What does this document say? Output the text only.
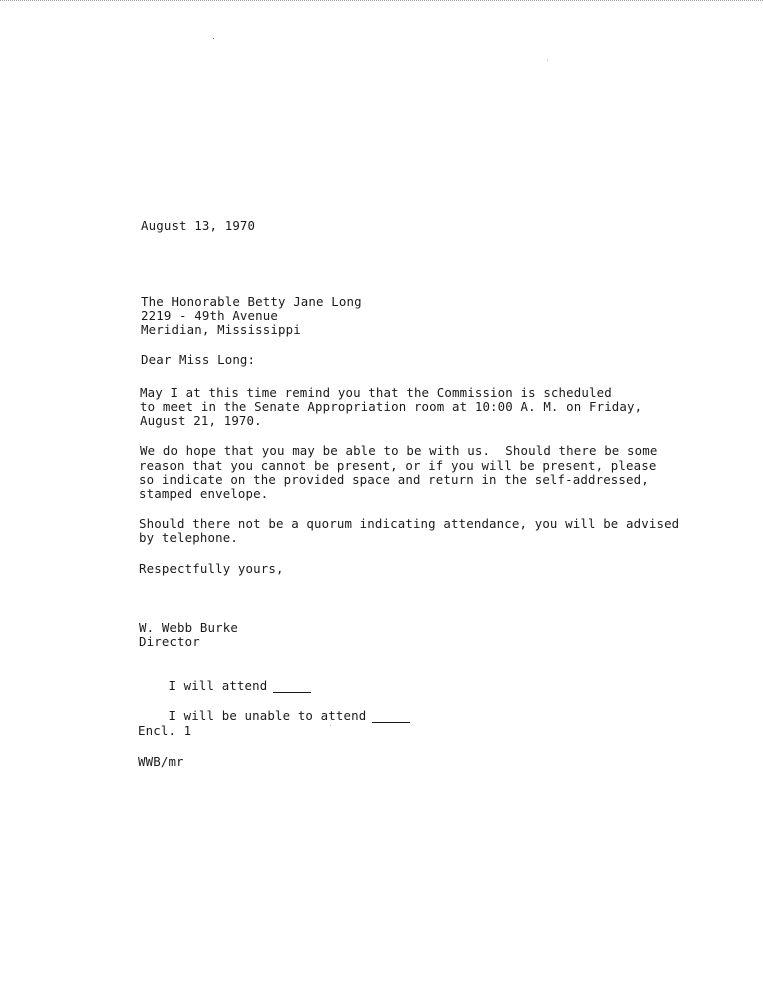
August 13, 1970
The Honorable Betty Jane Long
2219 - 49th Avenue
Meridian, Mississippi
Dear Miss Long:
May I at this time remind you that the Commission is scheduled
to meet in the Senate Appropriation room at 10:00 A. M. on Friday,
August 21, 1970.
We do hope that you may be able to be with us.  Should there be some
reason that you cannot be present, or if you will be present, please
so indicate on the provided space and return in the self-addressed,
stamped envelope.
Should there not be a quorum indicating attendance, you will be advised
by telephone.
Respectfully yours,
W. Webb Burke
Director

I will attend

I will be unable to attend

Encl. 1
WWB/mr
